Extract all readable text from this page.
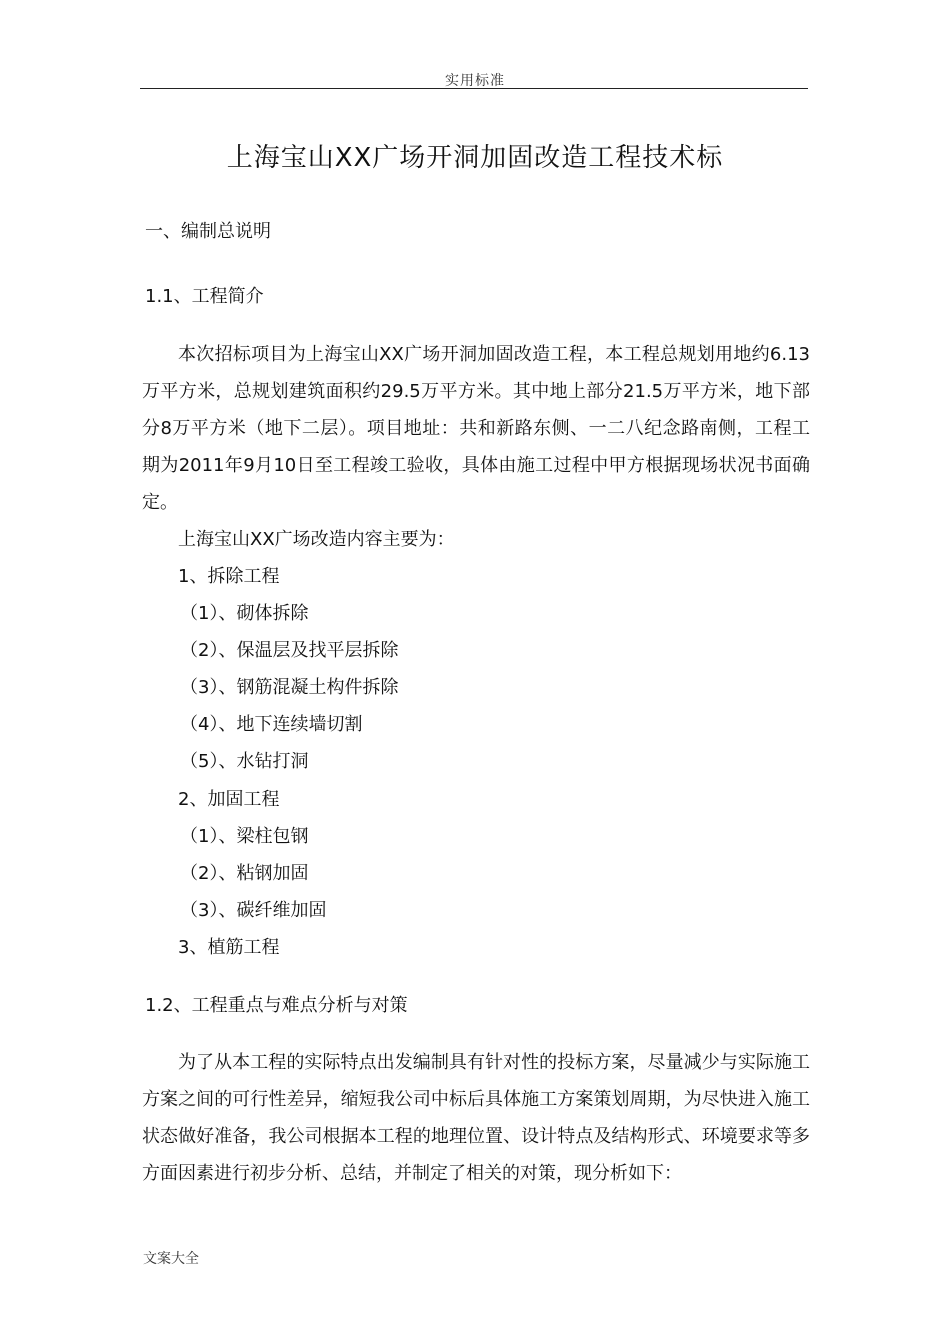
实用标准
上海宝山XX广场开洞加固改造工程技术标
一、编制总说明
1.1、工程简介
本次招标项目为上海宝山XX广场开洞加固改造工程，本工程总规划用地约6.13万平方米，总规划建筑面积约29.5万平方米。其中地上部分21.5万平方米，地下部分8万平方米（地下二层）。项目地址：共和新路东侧、一二八纪念路南侧，工程工期为2011年9月10日至工程竣工验收，具体由施工过程中甲方根据现场状况书面确定。
上海宝山XX广场改造内容主要为：
1、拆除工程
（1）、砌体拆除
（2）、保温层及找平层拆除
（3）、钢筋混凝土构件拆除
（4）、地下连续墙切割
（5）、水钻打洞
2、加固工程
（1）、梁柱包钢
（2）、粘钢加固
（3）、碳纤维加固
3、植筋工程
1.2、工程重点与难点分析与对策
为了从本工程的实际特点出发编制具有针对性的投标方案，尽量减少与实际施工方案之间的可行性差异，缩短我公司中标后具体施工方案策划周期，为尽快进入施工状态做好准备，我公司根据本工程的地理位置、设计特点及结构形式、环境要求等多方面因素进行初步分析、总结，并制定了相关的对策，现分析如下：
文案大全
